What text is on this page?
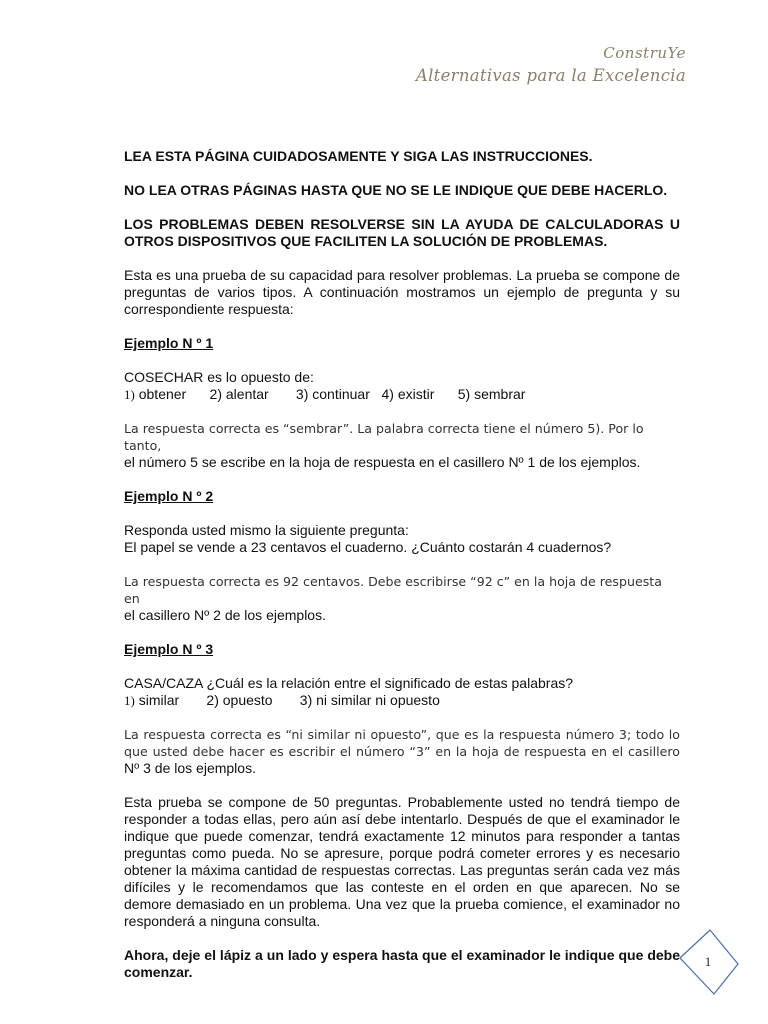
ConstruYe
Alternativas para la Excelencia

LEA ESTA PÁGINA CUIDADOSAMENTE Y SIGA LAS INSTRUCCIONES.

NO LEA OTRAS PÁGINAS HASTA QUE NO SE LE INDIQUE QUE DEBE HACERLO.

LOS PROBLEMAS DEBEN RESOLVERSE SIN LA AYUDA DE CALCULADORAS U OTROS DISPOSITIVOS QUE FACILITEN LA SOLUCIÓN DE PROBLEMAS.

Esta es una prueba de su capacidad para resolver problemas. La prueba se compone de preguntas de varios tipos. A continuación mostramos un ejemplo de pregunta y su correspondiente respuesta:

Ejemplo N º 1

COSECHAR es lo opuesto de:

1) obtener      2) alentar       3) continuar   4) existir      5) sembrar

La respuesta correcta es “sembrar”. La palabra correcta tiene el número 5). Por lo tanto,
el número 5 se escribe en la hoja de respuesta en el casillero Nº 1 de los ejemplos.

Ejemplo N º 2

Responda usted mismo la siguiente pregunta:

El papel se vende a 23 centavos el cuaderno. ¿Cuánto costarán 4 cuadernos?

La respuesta correcta es 92 centavos. Debe escribirse “92 c” en la hoja de respuesta en
el casillero Nº 2 de los ejemplos.

Ejemplo N º 3

CASA/CAZA ¿Cuál es la relación entre el significado de estas palabras?

1) similar       2) opuesto       3) ni similar ni opuesto

La respuesta correcta es “ni similar ni opuesto”, que es la respuesta número 3; todo lo que usted debe hacer es escribir el número “3” en la hoja de respuesta en el casillero Nº 3 de los ejemplos.

Esta prueba se compone de 50 preguntas. Probablemente usted no tendrá tiempo de responder a todas ellas, pero aún así debe intentarlo. Después de que el examinador le indique que puede comenzar, tendrá exactamente 12 minutos para responder a tantas preguntas como pueda. No se apresure, porque podrá cometer errores y es necesario obtener la máxima cantidad de respuestas correctas. Las preguntas serán cada vez más difíciles y le recomendamos que las conteste en el orden en que aparecen. No se demore demasiado en un problema. Una vez que la prueba comience, el examinador no responderá a ninguna consulta.

Ahora, deje el lápiz a un lado y espera hasta que el examinador le indique que debe comenzar.

1
